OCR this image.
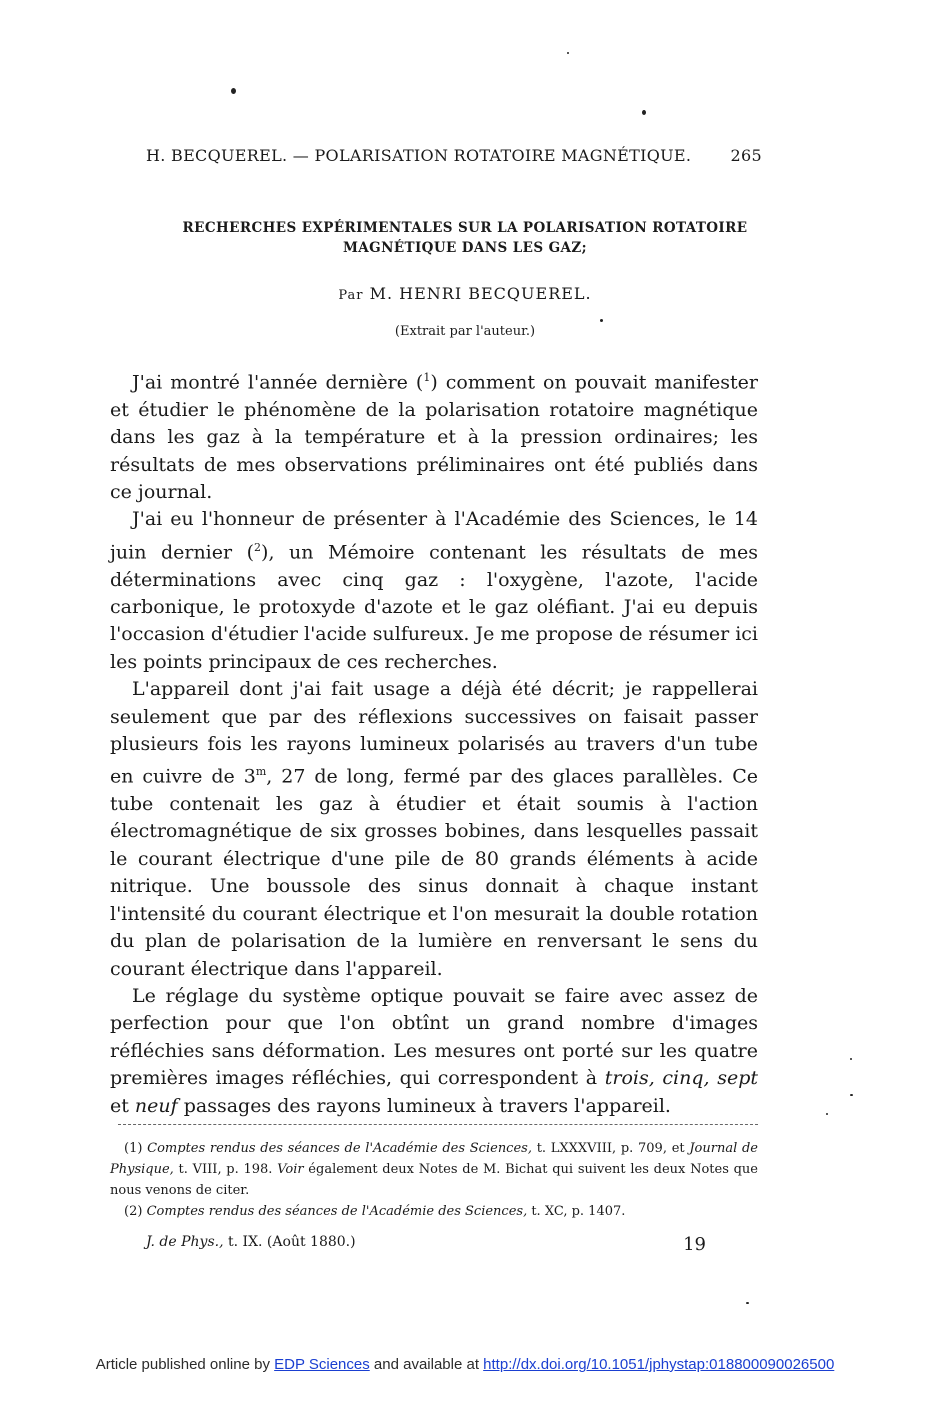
H. BECQUEREL. — POLARISATION ROTATOIRE MAGNÉTIQUE. 265
RECHERCHES EXPÉRIMENTALES SUR LA POLARISATION ROTATOIRE
MAGNÉTIQUE DANS LES GAZ;
Par M. HENRI BECQUEREL.
(Extrait par l'auteur.)

J'ai montré l'année dernière ($^1$) comment on pouvait manifester et étudier le phénomène de la polarisation rotatoire magnétique dans les gaz à la température et à la pression ordinaires; les résultats de mes observations préliminaires ont été publiés dans ce journal.

J'ai eu l'honneur de présenter à l'Académie des Sciences, le 14 juin dernier ($^2$), un Mémoire contenant les résultats de mes déterminations avec cinq gaz : l'oxygène, l'azote, l'acide carbonique, le protoxyde d'azote et le gaz oléfiant. J'ai eu depuis l'occasion d'étudier l'acide sulfureux. Je me propose de résumer ici les points principaux de ces recherches.

L'appareil dont j'ai fait usage a déjà été décrit; je rappellerai seulement que par des réflexions successives on faisait passer plusieurs fois les rayons lumineux polarisés au travers d'un tube en cuivre de 3$^m$, 27 de long, fermé par des glaces parallèles. Ce tube contenait les gaz à étudier et était soumis à l'action électromagnétique de six grosses bobines, dans lesquelles passait le courant électrique d'une pile de 80 grands éléments à acide nitrique. Une boussole des sinus donnait à chaque instant l'intensité du courant électrique et l'on mesurait la double rotation du plan de polarisation de la lumière en renversant le sens du courant électrique dans l'appareil.

Le réglage du système optique pouvait se faire avec assez de perfection pour que l'on obtînt un grand nombre d'images réfléchies sans déformation. Les mesures ont porté sur les quatre premières images réfléchies, qui correspondent à trois, cinq, sept et neuf passages des rayons lumineux à travers l'appareil.

(1) Comptes rendus des séances de l'Académie des Sciences, t. LXXXVIII, p. 709, et Journal de Physique, t. VIII, p. 198. Voir également deux Notes de M. Bichat qui suivent les deux Notes que nous venons de citer.

(2) Comptes rendus des séances de l'Académie des Sciences, t. XC, p. 1407.

J. de Phys., t. IX. (Août 1880.)	19
Article published online by EDP Sciences and available at http://dx.doi.org/10.1051/jphystap:018800090026500
